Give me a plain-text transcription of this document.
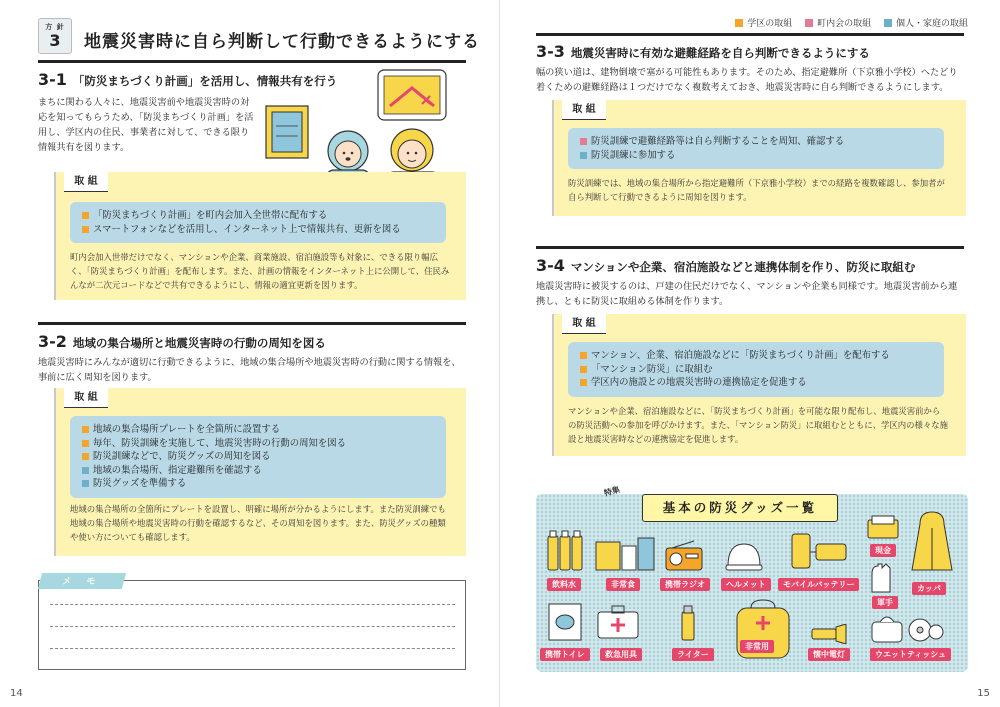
方 針
3	地震災害時に自ら判断して行動できるようにする
3-1 「防災まちづくり計画」を活用し、情報共有を行う
まちに関わる人々に、地震災害前や地震災害時の対応を知ってもらうため、「防災まちづくり計画」を活用し、学区内の住民、事業者に対して、できる限り情報共有を図ります。
取 組
「防災まちづくり計画」を町内会加入全世帯に配布する
スマートフォンなどを活用し、インターネット上で情報共有、更新を図る
町内会加入世帯だけでなく、マンションや企業、商業施設、宿泊施設等も対象に、できる限り幅広く、「防災まちづくり計画」を配布します。また、計画の情報をインターネット上に公開して、住民みんなが二次元コードなどで共有できるようにし、情報の適宜更新を図ります。
3-2 地域の集合場所と地震災害時の行動の周知を図る
地震災害時にみんなが適切に行動できるように、地域の集合場所や地震災害時の行動に関する情報を、事前に広く周知を図ります。
取 組
地域の集合場所プレートを全箇所に設置する
毎年、防災訓練を実施して、地震災害時の行動の周知を図る
防災訓練などで、防災グッズの周知を図る
地域の集合場所、指定避難所を確認する
防災グッズを準備する
地域の集合場所の全箇所にプレートを設置し、明確に場所が分かるようにします。また防災訓練でも地域の集合場所や地震災害時の行動を確認するなど、その周知を図ります。また、防災グッズの種類や使い方についても確認します。
メ モ
14
学区の取組	町内会の取組	個人・家庭の取組
3-3 地震災害時に有効な避難経路を自ら判断できるようにする
幅の狭い道は、建物倒壊で塞がる可能性もあります。そのため、指定避難所（下京雅小学校）へたどり着くための避難経路は１つだけでなく複数考えておき、地震災害時に自ら判断できるようにします。
取 組
防災訓練で避難経路等は自ら判断することを周知、確認する
防災訓練に参加する
防災訓練では、地域の集合場所から指定避難所（下京雅小学校）までの経路を複数確認し、参加者が自ら判断して行動できるように周知を図ります。
3-4 マンションや企業、宿泊施設などと連携体制を作り、防災に取組む
地震災害時に被災するのは、戸建の住民だけでなく、マンションや企業も同様です。地震災害前から連携し、ともに防災に取組める体制を作ります。
取 組
マンション、企業、宿泊施設などに「防災まちづくり計画」を配布する
「マンション防災」に取組む
学区内の施設との地震災害時の連携協定を促進する
マンションや企業、宿泊施設などに、「防災まちづくり計画」を可能な限り配布し、地震災害前からの防災活動への参加を呼びかけます。また、「マンション防災」に取組むとともに、学区内の様々な施設と地震災害時などの連携協定を促進します。
15
基本の防災グッズ一覧
特集
非常用
飲料水	非常食	携帯ラジオ	ヘルメット	モバイルバッテリー
現金
軍手
カッパ
携帯トイレ	救急用具	ライター	懐中電灯	ウエットティッシュ
